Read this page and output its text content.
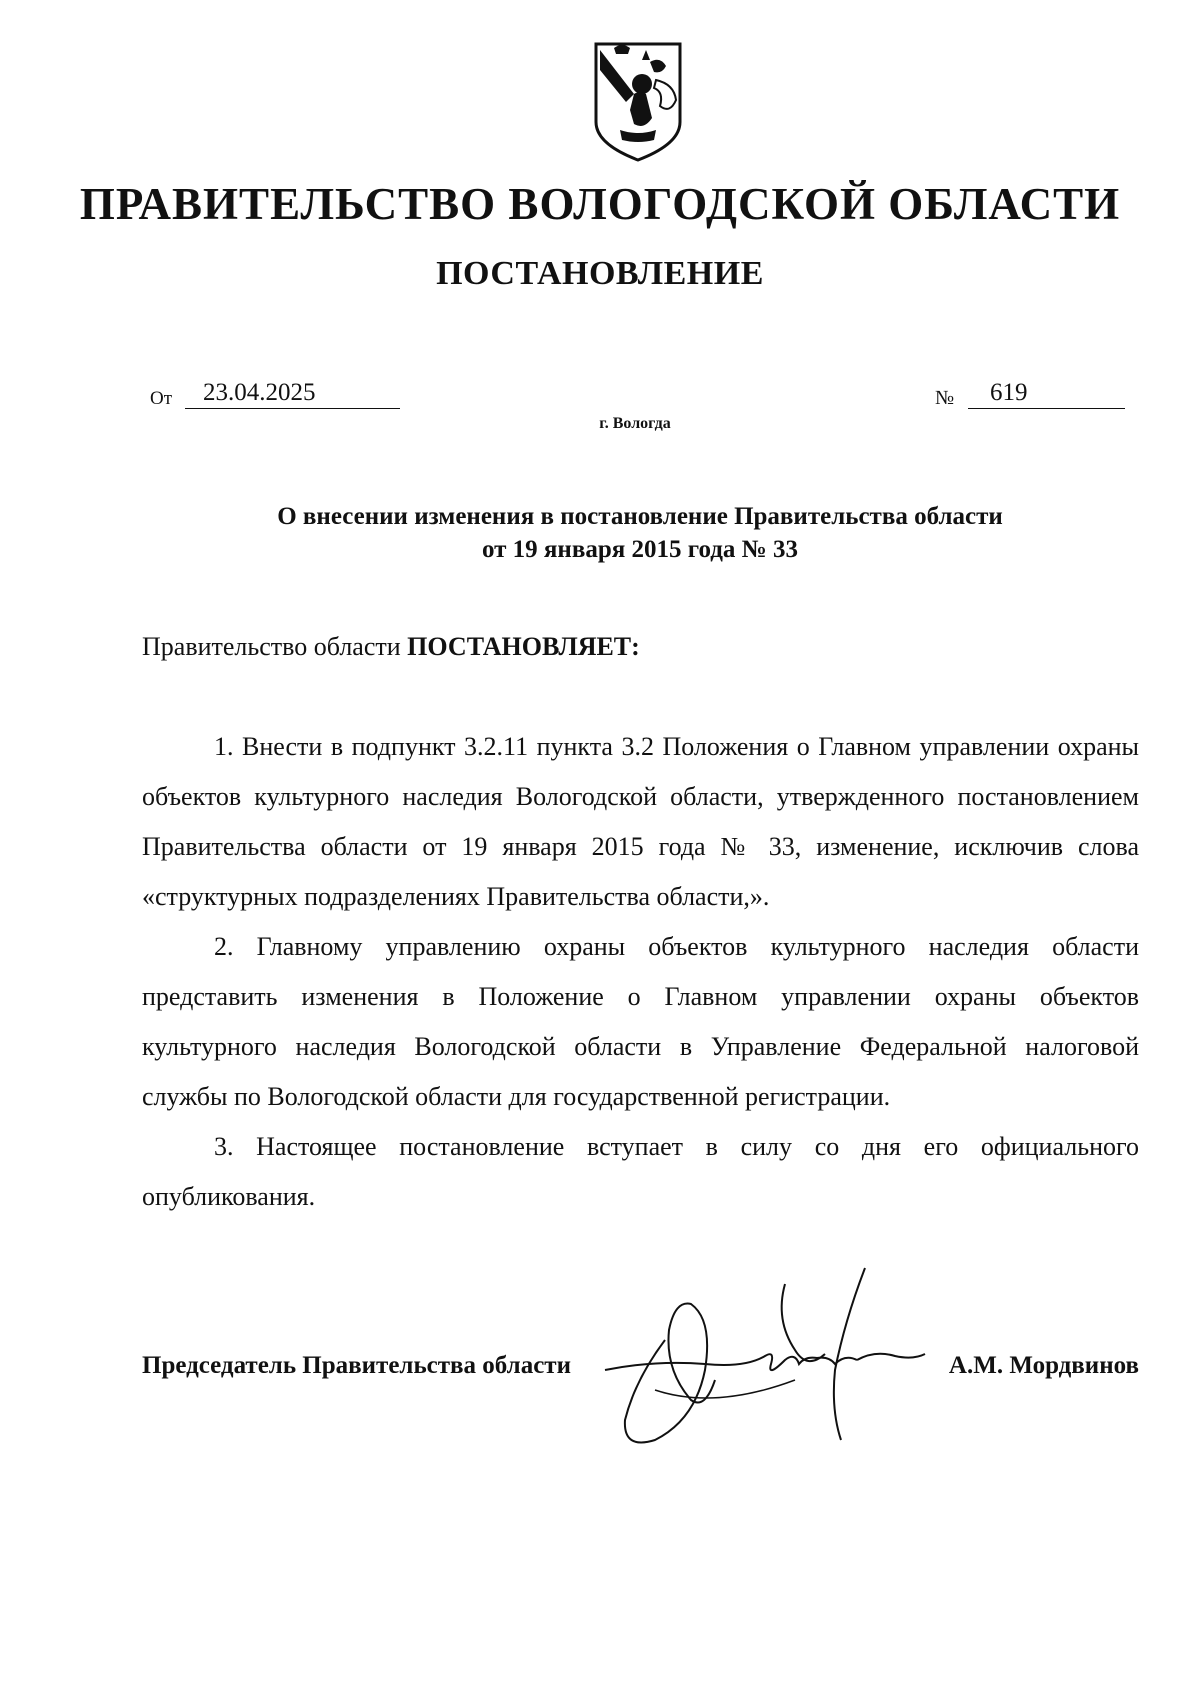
ПРАВИТЕЛЬСТВО ВОЛОГОДСКОЙ ОБЛАСТИ
ПОСТАНОВЛЕНИЕ
От	23.04.2025	№	619
г. Вологда
О внесении изменения в постановление Правительства области
от 19 января 2015 года № 33
Правительство области ПОСТАНОВЛЯЕТ:

1. Внести в подпункт 3.2.11 пункта 3.2 Положения о Главном управлении охраны объектов культурного наследия Вологодской области, утвержденного постановлением Правительства области от 19 января 2015 года № 33, изменение, исключив слова «структурных подразделениях Правительства области,».

2. Главному управлению охраны объектов культурного наследия области представить изменения в Положение о Главном управлении охраны объектов культурного наследия Вологодской области в Управление Федеральной налоговой службы по Вологодской области для государственной регистрации.

3. Настоящее постановление вступает в силу со дня его официального опубликования.

Председатель Правительства области	А.М. Мордвинов
